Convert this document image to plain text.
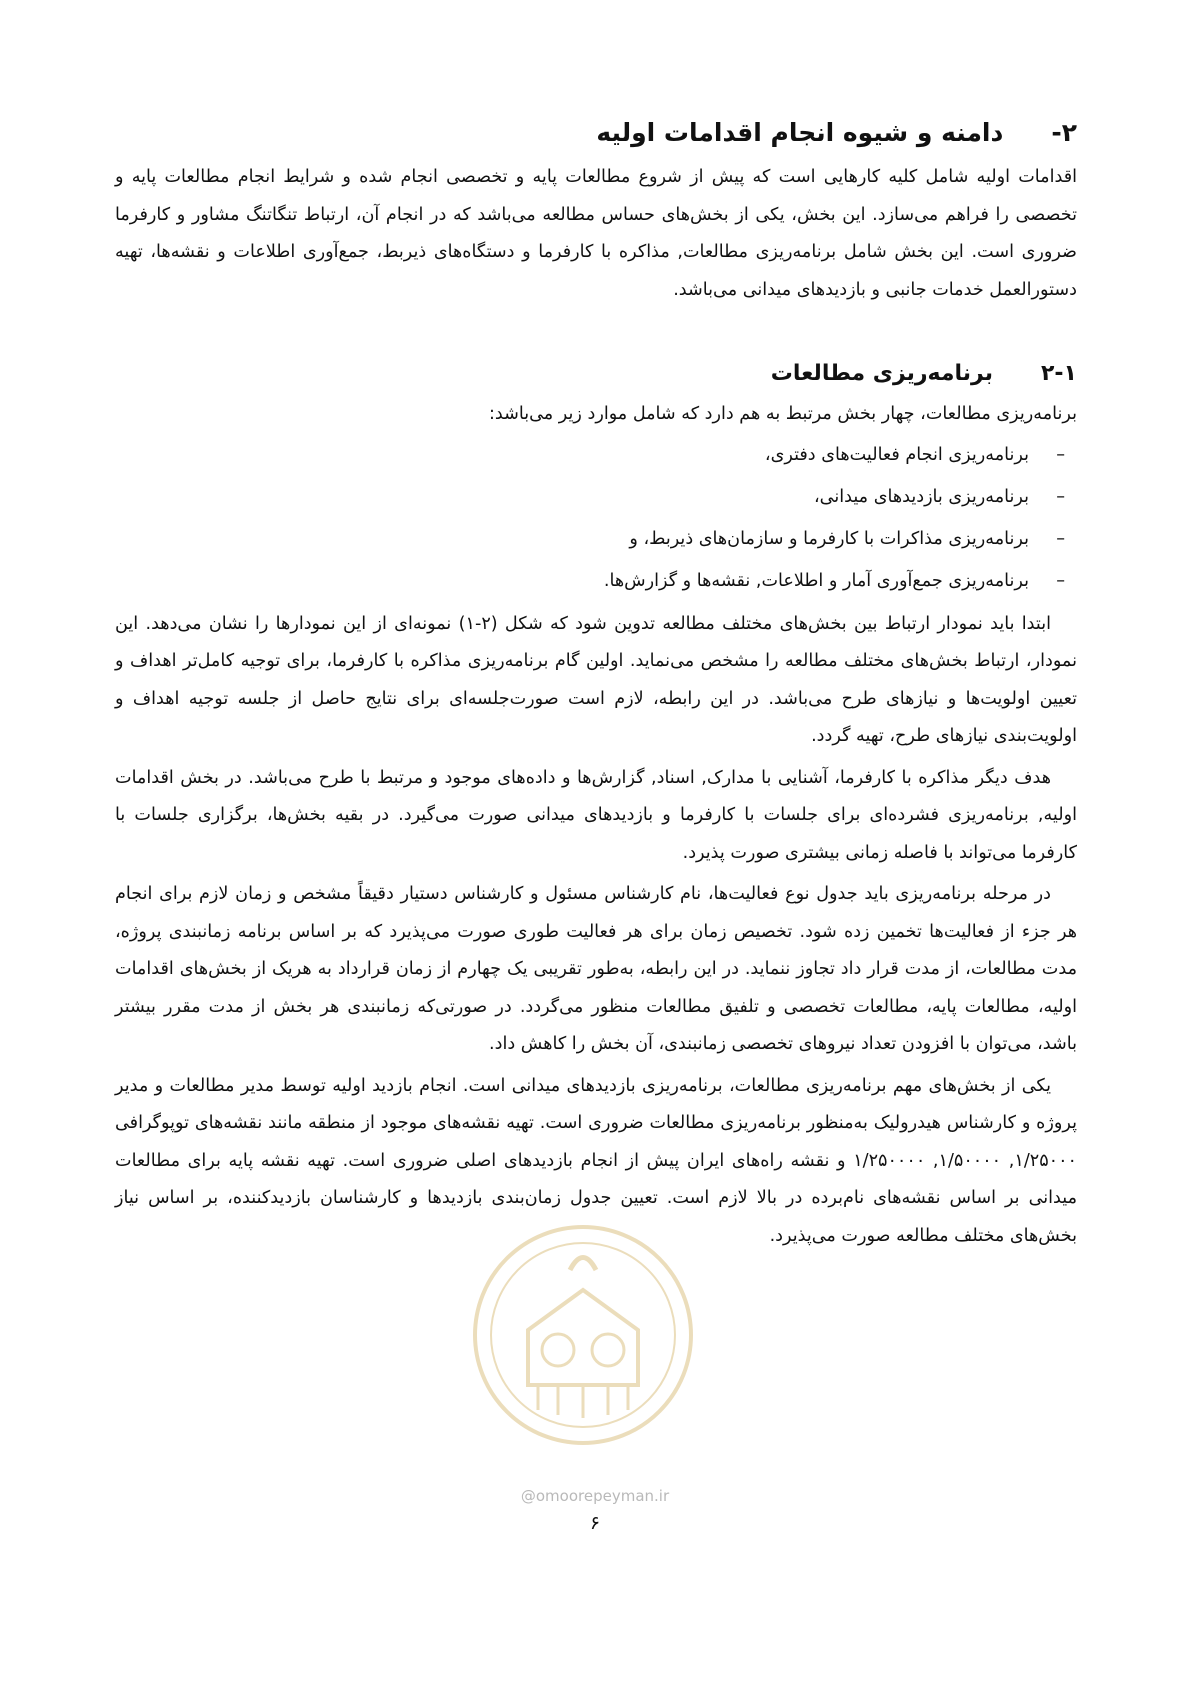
۲-
دامنه و شیوه انجام اقدامات اولیه

اقدامات اولیه شامل کلیه کارهایی است که پیش از شروع مطالعات پایه و تخصصی انجام شده و شرایط انجام مطالعات پایه و تخصصی را فراهم می‌سازد. این بخش، یکی از بخش‌های حساس مطالعه می‌باشد که در انجام آن، ارتباط تنگاتنگ مشاور و کارفرما ضروری است. این بخش شامل برنامه‌ریزی مطالعات, مذاکره با کارفرما و دستگاه‌های ذیربط، جمع‌آوری اطلاعات و نقشه‌ها، تهیه دستورالعمل خدمات جانبی و بازدیدهای میدانی می‌باشد.

۲-۱
برنامه‌ریزی مطالعات

برنامه‌ریزی مطالعات، چهار بخش مرتبط به هم دارد که شامل موارد زیر می‌باشد:

–
برنامه‌ریزی انجام فعالیت‌های دفتری،
–
برنامه‌ریزی بازدیدهای میدانی،
–
برنامه‌ریزی مذاکرات با کارفرما و سازمان‌های ذیربط، و
–
برنامه‌ریزی جمع‌آوری آمار و اطلاعات, نقشه‌ها و گزارش‌ها.

ابتدا باید نمودار ارتباط بین بخش‌های مختلف مطالعه تدوین شود که شکل (۲-۱) نمونه‌ای از این نمودارها را نشان می‌دهد. این نمودار، ارتباط بخش‌های مختلف مطالعه را مشخص می‌نماید. اولین گام برنامه‌ریزی مذاکره با کارفرما، برای توجیه کامل‌تر اهداف و تعیین اولویت‌ها و نیازهای طرح می‌باشد. در این رابطه، لازم است صورت‌جلسه‌ای برای نتایج حاصل از جلسه توجیه اهداف و اولویت‌بندی نیازهای طرح، تهیه گردد.

هدف دیگر مذاکره با کارفرما، آشنایی با مدارک, اسناد, گزارش‌ها و داده‌های موجود و مرتبط با طرح می‌باشد. در بخش اقدامات اولیه, برنامه‌ریزی فشرده‌ای برای جلسات با کارفرما و بازدیدهای میدانی صورت می‌گیرد. در بقیه بخش‌ها، برگزاری جلسات با کارفرما می‌تواند با فاصله زمانی بیشتری صورت پذیرد.

در مرحله برنامه‌ریزی باید جدول نوع فعالیت‌ها، نام کارشناس مسئول و کارشناس دستیار دقیقاً مشخص و زمان لازم برای انجام هر جزء از فعالیت‌ها تخمین زده شود. تخصیص زمان برای هر فعالیت طوری صورت می‌پذیرد که بر اساس برنامه زمانبندی پروژه، مدت مطالعات، از مدت قرار داد تجاوز ننماید. در این رابطه، به‌طور تقریبی یک چهارم از زمان قرارداد به هریک از بخش‌های اقدامات اولیه، مطالعات پایه، مطالعات تخصصی و تلفیق مطالعات منظور می‌گردد. در صورتی‌که زمانبندی هر بخش از مدت مقرر بیشتر باشد، می‌توان با افزودن تعداد نیروهای تخصصی زمانبندی، آن بخش را کاهش داد.

یکی از بخش‌های مهم برنامه‌ریزی مطالعات، برنامه‌ریزی بازدیدهای میدانی است. انجام بازدید اولیه توسط مدیر مطالعات و مدیر پروژه و کارشناس هیدرولیک به‌منظور برنامه‌ریزی مطالعات ضروری است. تهیه نقشه‌های موجود از منطقه مانند نقشه‌های توپوگرافی ۱/۲۵۰۰۰, ۱/۵۰۰۰۰, ۱/۲۵۰۰۰۰ و نقشه راه‌های ایران پیش از انجام بازدیدهای اصلی ضروری است. تهیه نقشه پایه برای مطالعات میدانی بر اساس نقشه‌های نام‌برده در بالا لازم است. تعیین جدول زمان‌بندی بازدیدها و کارشناسان بازدیدکننده، بر اساس نیاز بخش‌های مختلف مطالعه صورت می‌پذیرد.

@omoorepeyman.ir
۶
